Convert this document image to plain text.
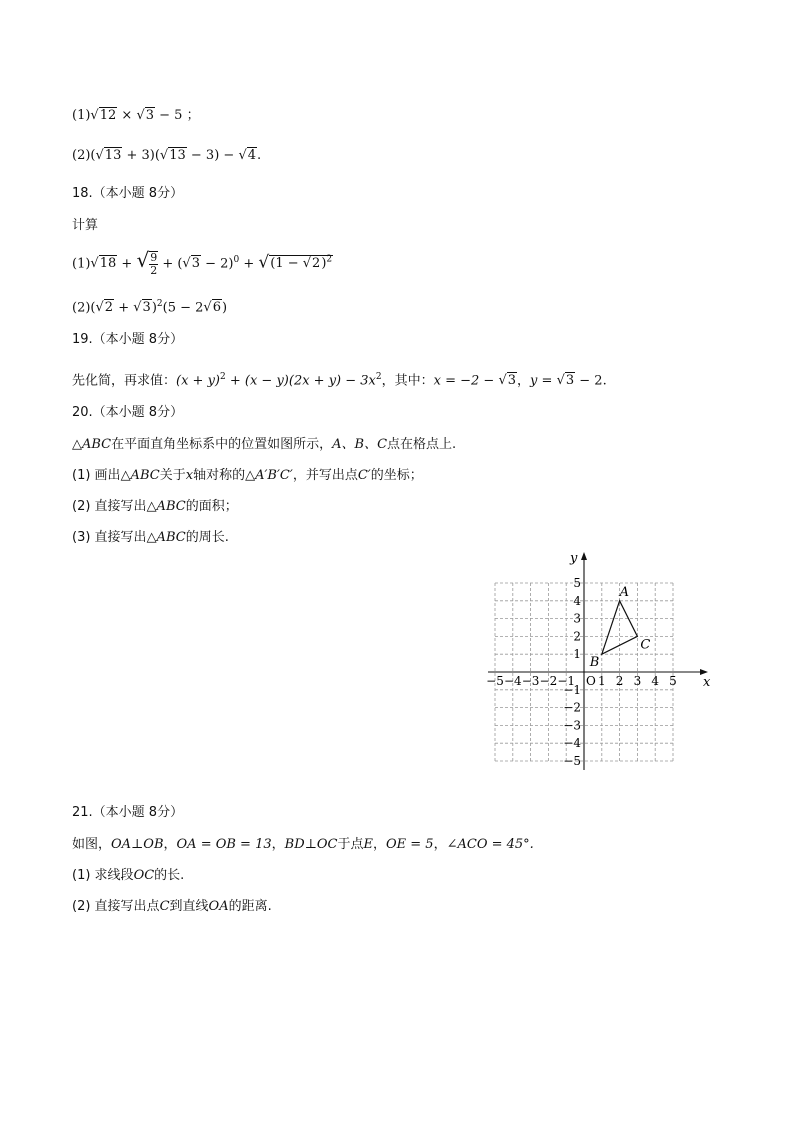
(1)√12 × √3 − 5 ；
(2)(√13 + 3)(√13 − 3) − √4.
18.（本小题 8分）
计算
(1)√18 + √ $\frac{9}{2} + (√3 - 2)^0 + √(1 - √2)^2$
$(2)(√2 + √3)^2(5 - 2√6)$
19.（本小题 8分）
先化简，再求值：$(x + y)^2 + (x - y)(2x + y) - 3x^2$，其中：x = −2 − √3，y = √3 − 2.
20.（本小题 8分）
△ABC在平面直角坐标系中的位置如图所示，A、B、C点在格点上.
(1) 画出△ABC关于x轴对称的△A′B′C′，并写出点C′的坐标；
(2) 直接写出△ABC的面积；
(3) 直接写出△ABC的周长.
x
y
−5 −4 −3 −2 −1 1 2 3 4 5
5
4
3
2
1
−1
−2
−3
−4
−5
O
A
B
C
21.（本小题 8分）
如图，OA⊥OB，OA = OB = 13，BD⊥OC于点E，OE = 5，∠ACO = 45°.
(1) 求线段OC的长.
(2) 直接写出点C到直线OA的距离.
